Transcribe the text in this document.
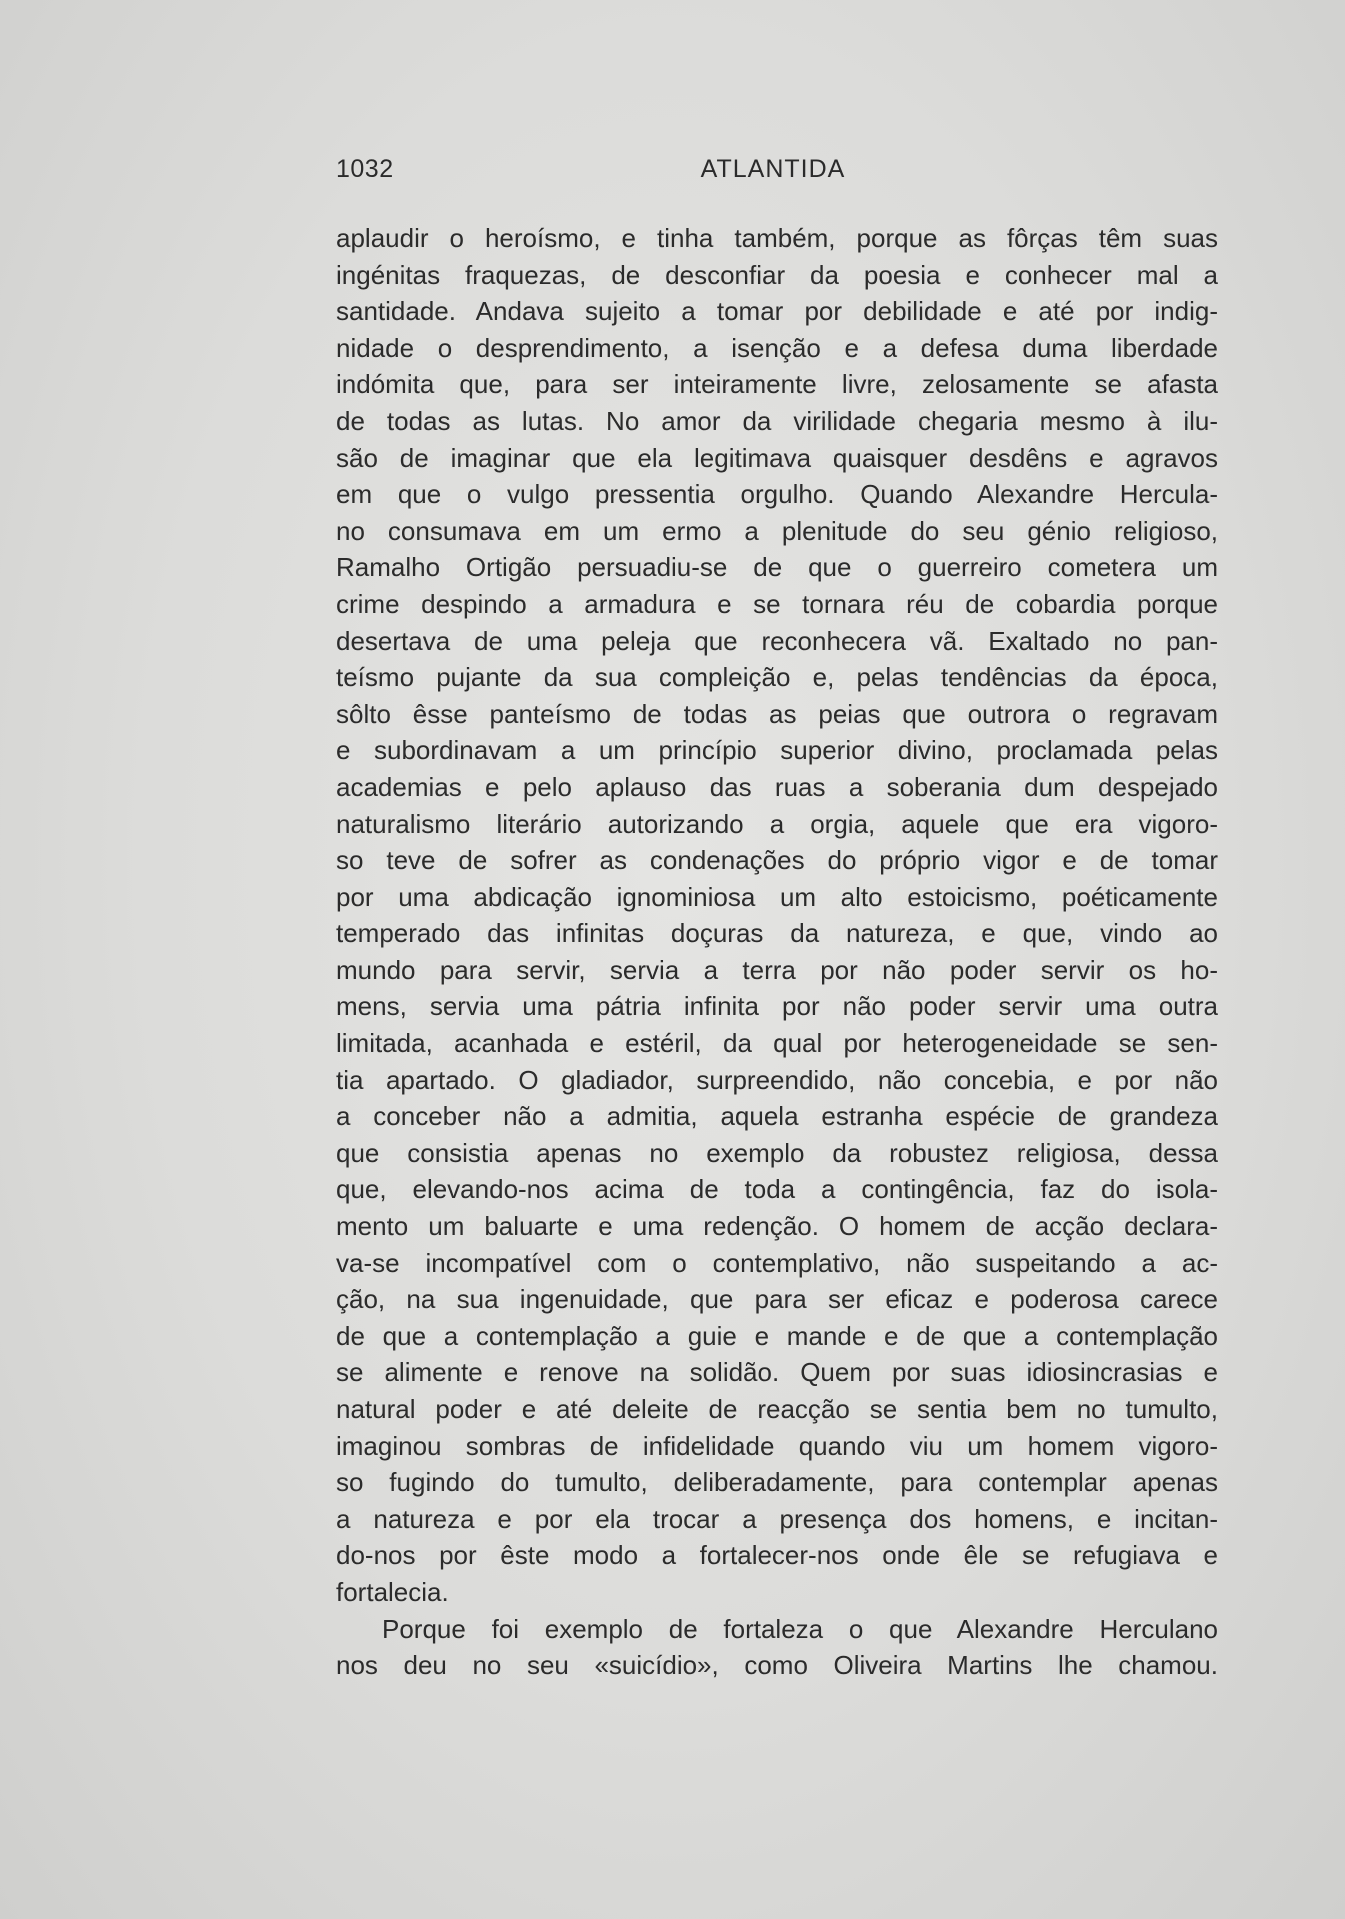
1032	ATLANTIDA
aplaudir o heroísmo, e tinha também, porque as fôrças têm suas
ingénitas fraquezas, de desconfiar da poesia e conhecer mal a
santidade. Andava sujeito a tomar por debilidade e até por indig-
nidade o desprendimento, a isenção e a defesa duma liberdade
indómita que, para ser inteiramente livre, zelosamente se afasta
de todas as lutas. No amor da virilidade chegaria mesmo à ilu-
são de imaginar que ela legitimava quaisquer desdêns e agravos
em que o vulgo pressentia orgulho. Quando Alexandre Hercula-
no consumava em um ermo a plenitude do seu génio religioso,
Ramalho Ortigão persuadiu-se de que o guerreiro cometera um
crime despindo a armadura e se tornara réu de cobardia porque
desertava de uma peleja que reconhecera vã. Exaltado no pan-
teísmo pujante da sua compleição e, pelas tendências da época,
sôlto êsse panteísmo de todas as peias que outrora o regravam
e subordinavam a um princípio superior divino, proclamada pelas
academias e pelo aplauso das ruas a soberania dum despejado
naturalismo literário autorizando a orgia, aquele que era vigoro-
so teve de sofrer as condenações do próprio vigor e de tomar
por uma abdicação ignominiosa um alto estoicismo, poéticamente
temperado das infinitas doçuras da natureza, e que, vindo ao
mundo para servir, servia a terra por não poder servir os ho-
mens, servia uma pátria infinita por não poder servir uma outra
limitada, acanhada e estéril, da qual por heterogeneidade se sen-
tia apartado. O gladiador, surpreendido, não concebia, e por não
a conceber não a admitia, aquela estranha espécie de grandeza
que consistia apenas no exemplo da robustez religiosa, dessa
que, elevando-nos acima de toda a contingência, faz do isola-
mento um baluarte e uma redenção. O homem de acção declara-
va-se incompatível com o contemplativo, não suspeitando a ac-
ção, na sua ingenuidade, que para ser eficaz e poderosa carece
de que a contemplação a guie e mande e de que a contemplação
se alimente e renove na solidão. Quem por suas idiosincrasias e
natural poder e até deleite de reacção se sentia bem no tumulto,
imaginou sombras de infidelidade quando viu um homem vigoro-
so fugindo do tumulto, deliberadamente, para contemplar apenas
a natureza e por ela trocar a presença dos homens, e incitan-
do-nos por êste modo a fortalecer-nos onde êle se refugiava e
fortalecia.
Porque foi exemplo de fortaleza o que Alexandre Herculano
nos deu no seu «suicídio», como Oliveira Martins lhe chamou.
